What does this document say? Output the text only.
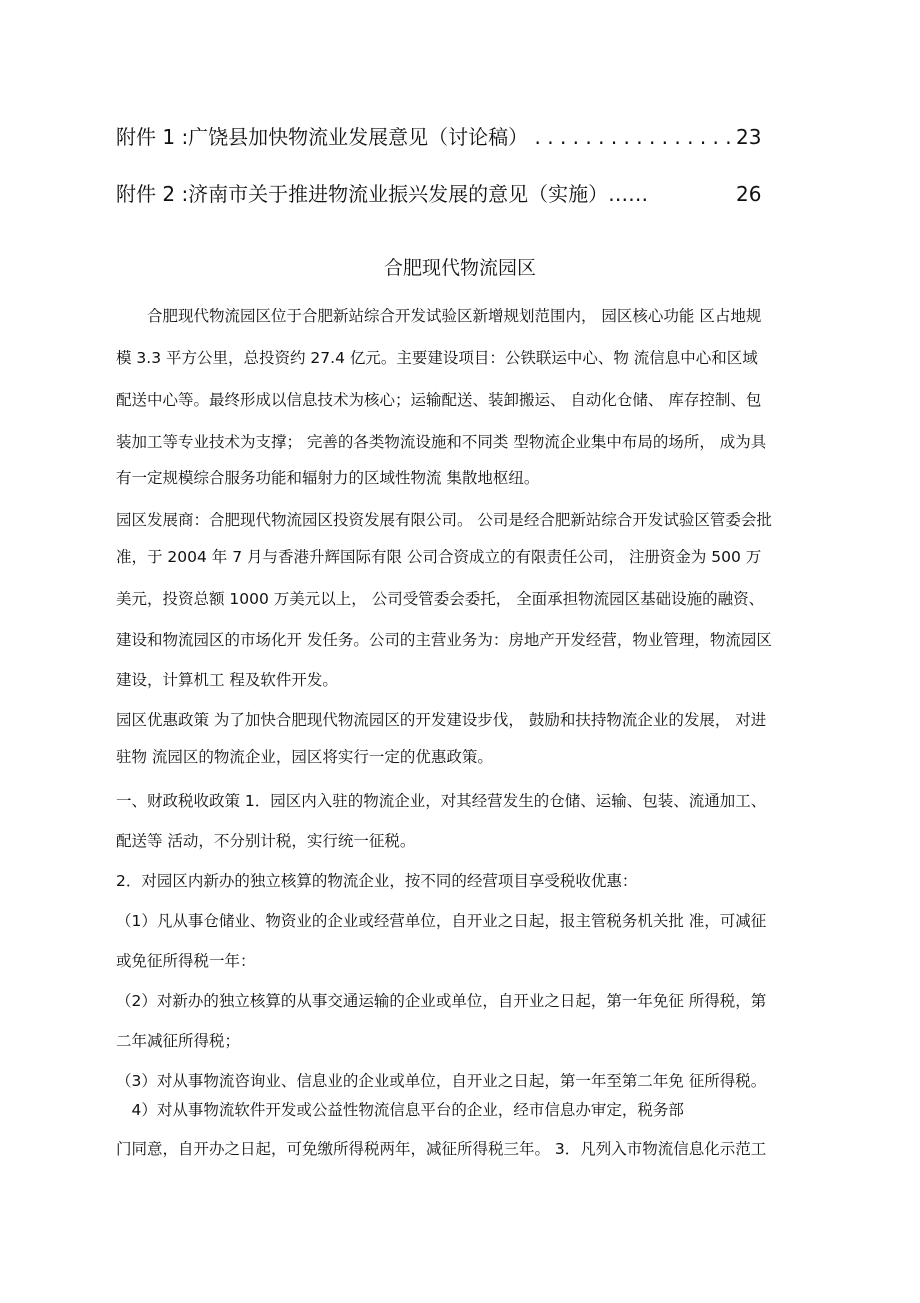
附件 1 :广饶县加快物流业发展意见（讨论稿） . . . . . . . . . . . . . . . . 23
附件 2 :济南市关于推进物流业振兴发展的意见（实施）……	26
合肥现代物流园区
　　合肥现代物流园区位于合肥新站综合开发试验区新增规划范围内， 园区核心功能 区占地规
模 3.3 平方公里，总投资约 27.4 亿元。主要建设项目：公铁联运中心、物 流信息中心和区域
配送中心等。最终形成以信息技术为核心；运输配送、装卸搬运、 自动化仓储、 库存控制、包
装加工等专业技术为支撑； 完善的各类物流设施和不同类 型物流企业集中布局的场所， 成为具
有一定规模综合服务功能和辐射力的区域性物流 集散地枢纽。
园区发展商：合肥现代物流园区投资发展有限公司。 公司是经合肥新站综合开发试验区管委会批
准，于 2004 年 7 月与香港升辉国际有限 公司合资成立的有限责任公司， 注册资金为 500 万
美元，投资总额 1000 万美元以上， 公司受管委会委托， 全面承担物流园区基础设施的融资、
建设和物流园区的市场化开 发任务。公司的主营业务为：房地产开发经营，物业管理，物流园区
建设，计算机工 程及软件开发。
园区优惠政策 为了加快合肥现代物流园区的开发建设步伐， 鼓励和扶持物流企业的发展， 对进
驻物 流园区的物流企业，园区将实行一定的优惠政策。
一、财政税收政策 1．园区内入驻的物流企业，对其经营发生的仓储、运输、包装、流通加工、
配送等 活动，不分别计税，实行统一征税。
2．对园区内新办的独立核算的物流企业，按不同的经营项目享受税收优惠：
（1）凡从事仓储业、物资业的企业或经营单位，自开业之日起，报主管税务机关批 准，可减征
或免征所得税一年：
（2）对新办的独立核算的从事交通运输的企业或单位，自开业之日起，第一年免征 所得税，第
二年减征所得税；
（3）对从事物流咨询业、信息业的企业或单位，自开业之日起，第一年至第二年免 征所得税。
　4）对从事物流软件开发或公益性物流信息平台的企业，经市信息办审定，税务部
门同意，自开办之日起，可免缴所得税两年，减征所得税三年。 3．凡列入市物流信息化示范工
